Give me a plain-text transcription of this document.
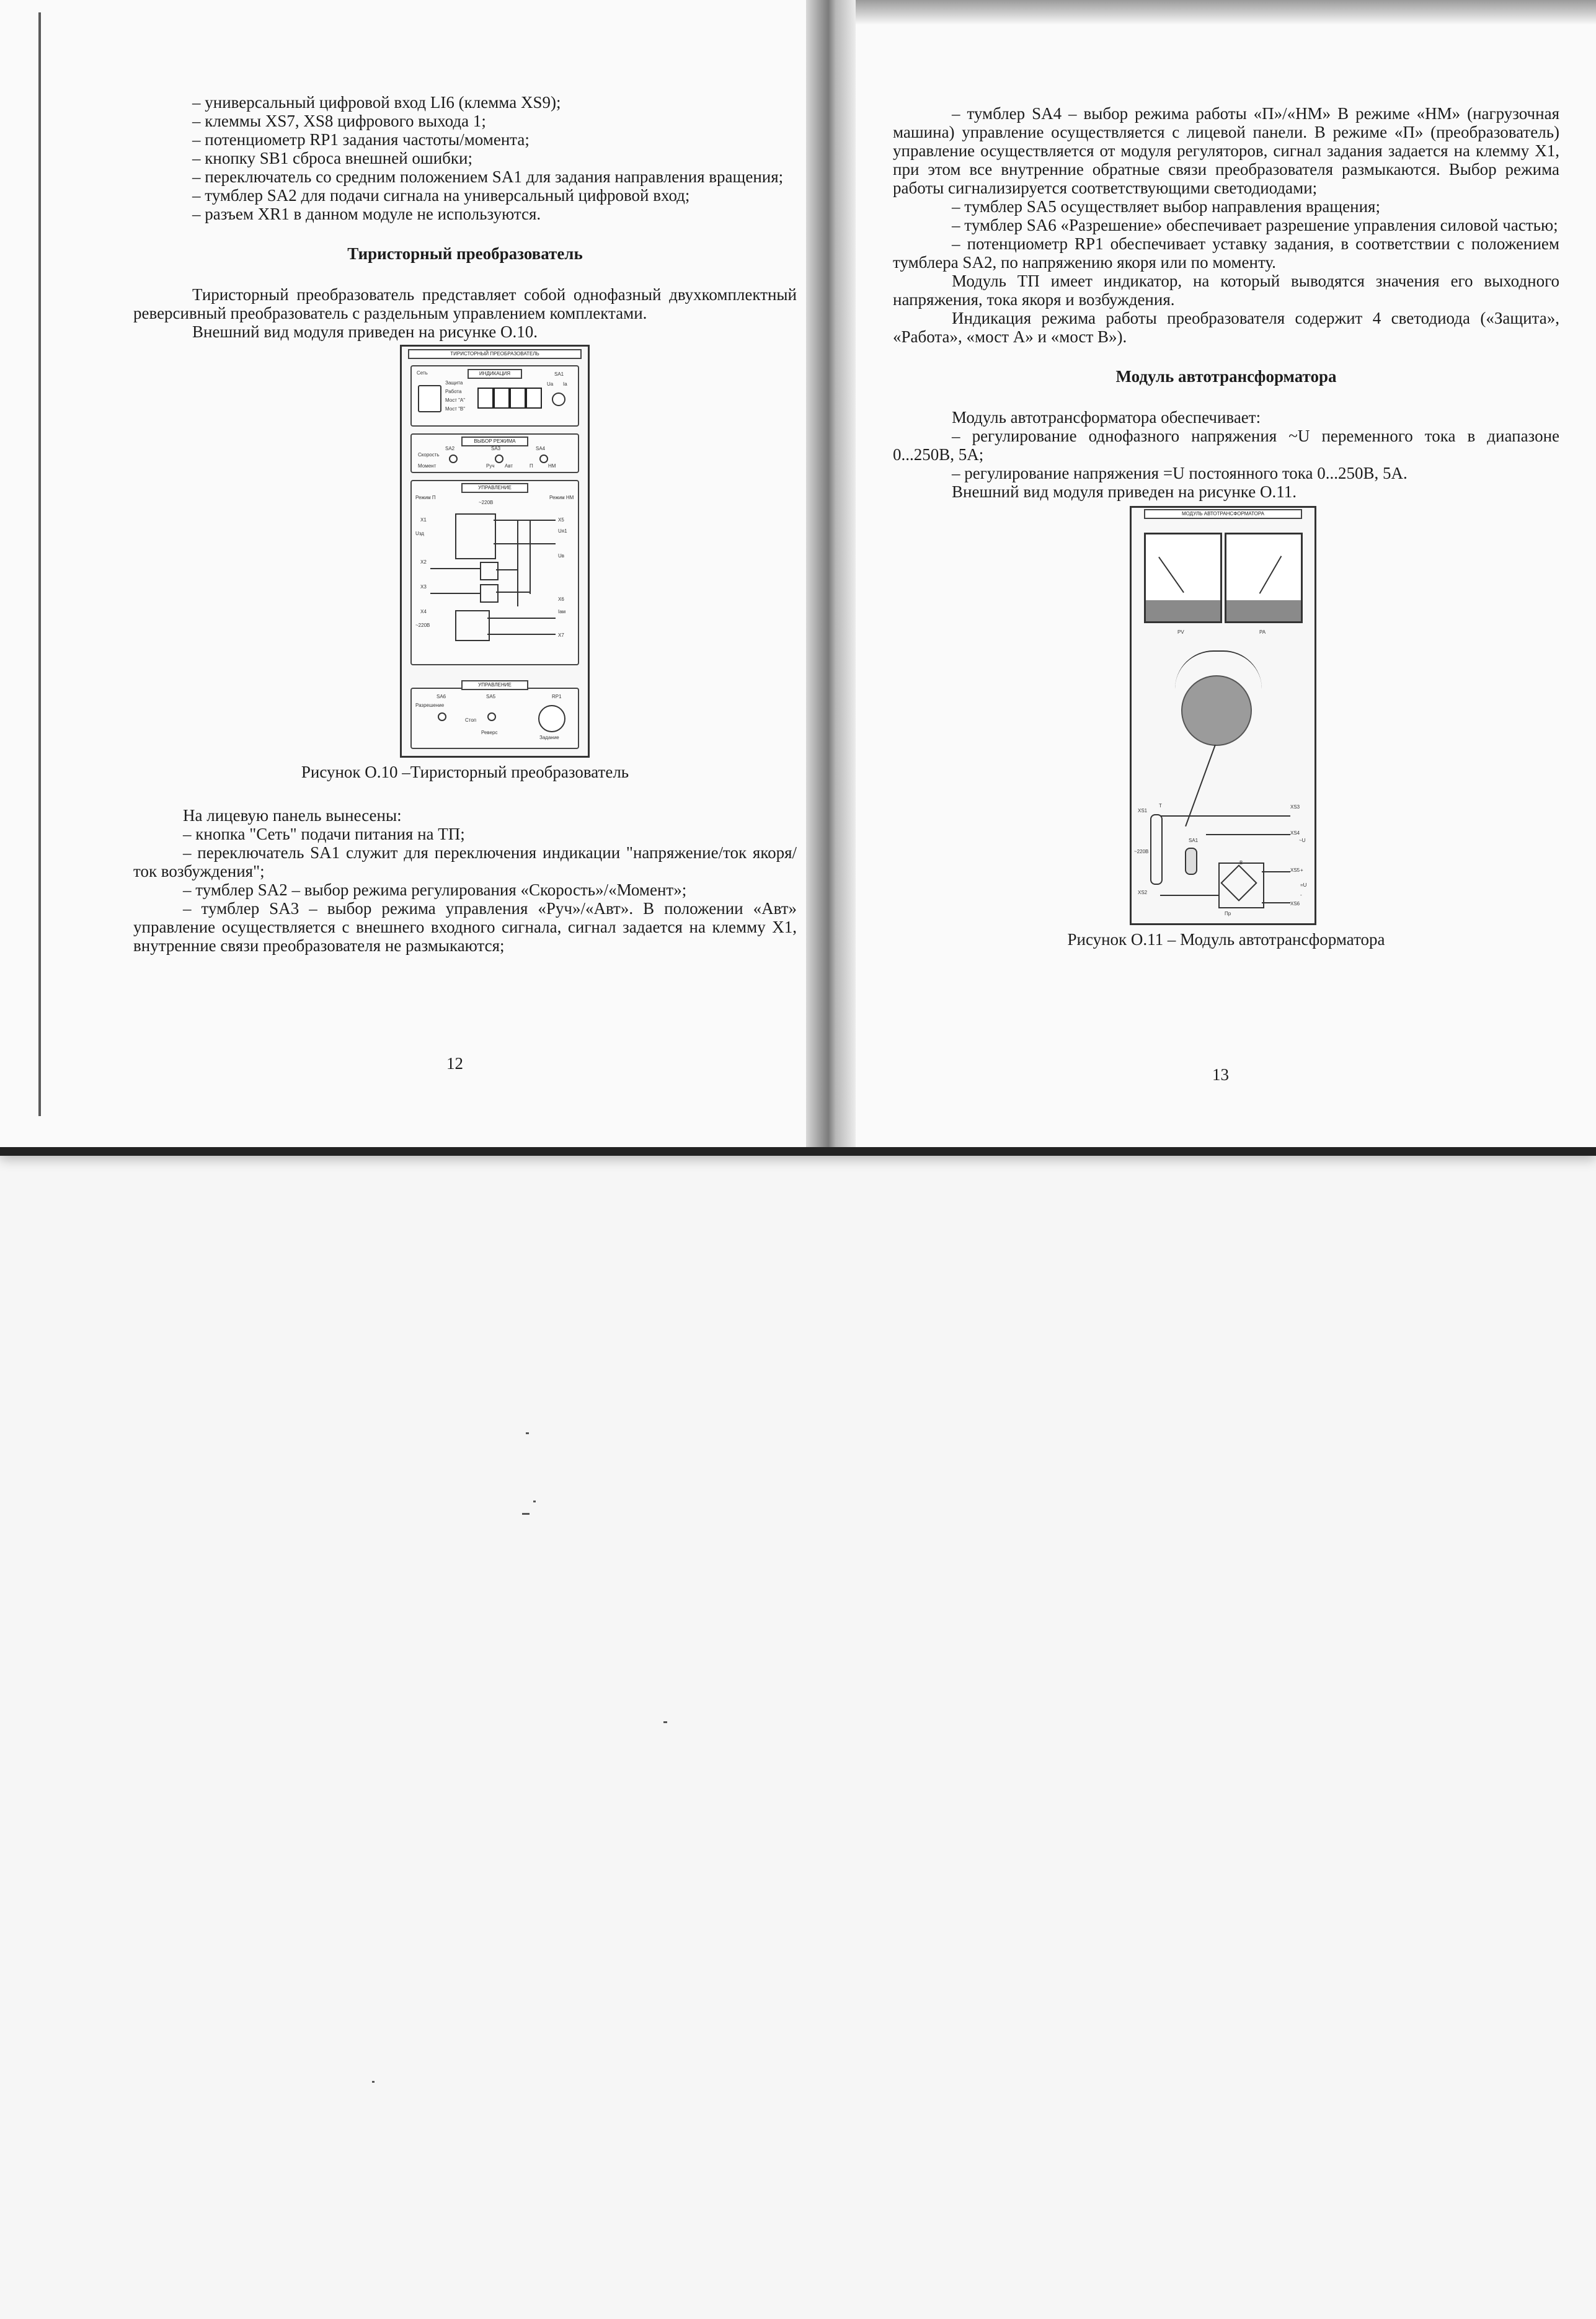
– универсальный цифровой вход LI6 (клемма XS9);

– клеммы XS7, XS8 цифрового выхода 1;

– потенциометр RP1 задания частоты/момента;

– кнопку SB1 сброса внешней ошибки;

– переключатель со средним положением SA1 для задания направления вращения;

– тумблер SA2 для подачи сигнала на универсальный цифровой вход;

– разъем XR1 в данном модуле не используются.

Тиристорный преобразователь

Тиристорный преобразователь представляет собой однофазный двухкомплектный реверсивный преобразователь с раздельным управлением комплектами.

Внешний вид модуля приведен на рисунке О.10.

ТИРИСТОРНЫЙ ПРЕОБРАЗОВАТЕЛЬ
ИНДИКАЦИЯ
Сеть
Защита
Работа
Мост "A"
Мост "B"
SA1
Ua Ia
ВЫБОР РЕЖИМА
SA2	SA3	SA4
Скорость
Момент	Руч Авт	П	НМ
УПРАВЛЕНИЕ
Режим П	Режим НМ
~220В
X1
Uзд
X2
X3
X4
~220В
X5
Uя1
X6
Iам
X7
Uв
УПРАВЛЕНИЕ
SA6	SA5	RP1
Разрешение
Стоп
Реверс
Задание

Рисунок О.10 –Тиристорный преобразователь

На лицевую панель вынесены:

– кнопка "Сеть" подачи питания на ТП;

– переключатель SA1 служит для переключения индикации "напряжение/ток якоря/ток возбуждения";

– тумблер SA2 – выбор режима регулирования «Скорость»/«Момент»;

– тумблер SA3 – выбор режима управления «Руч»/«Авт». В положении «Авт» управление осуществляется с внешнего входного сигнала, сигнал задается на клемму X1, внутренние связи преобразователя не размыкаются;

12

– тумблер SA4 – выбор режима работы «П»/«НМ» В режиме «НМ» (нагрузочная машина) управление осуществляется с лицевой панели. В режиме «П» (преобразователь) управление осуществляется от модуля регуляторов, сигнал задания задается на клемму X1, при этом все внутренние обратные связи преобразователя размыкаются. Выбор режима работы сигнализируется соответствующими светодиодами;

– тумблер SA5 осуществляет выбор направления вращения;

– тумблер SA6 «Разрешение» обеспечивает разрешение управления силовой частью;

– потенциометр RP1 обеспечивает уставку задания, в соответствии с положением тумблера SA2, по напряжению якоря или по моменту.

Модуль ТП имеет индикатор, на который выводятся значения его выходного напряжения, тока якоря и возбуждения.

Индикация режима работы преобразователя содержит 4 светодиода («Защита», «Работа», «мост А» и «мост В»).

Модуль автотрансформатора

Модуль автотрансформатора обеспечивает:

– регулирование однофазного напряжения ~U переменного тока в диапазоне 0...250В, 5А;

– регулирование напряжения =U постоянного тока 0...250В, 5А.

Внешний вид модуля приведен на рисунке О.11.

МОДУЛЬ АВТОТРАНСФОРМАТОРА
PV	PA
XS1
T	XS3
XS4
~U
SA1
~220В
XS2
XS5 +
=U
-
XS6
B
Пр

Рисунок О.11 – Модуль автотрансформатора

13
